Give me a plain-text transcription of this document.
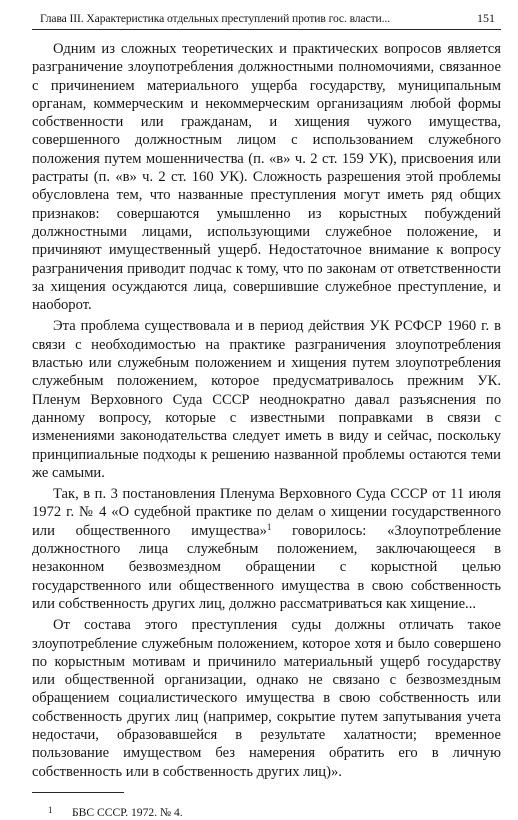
Глава III. Характеристика отдельных преступлений против гос. власти...	151

Одним из сложных теоретических и практических вопросов является разграничение злоупотребления должностными полномочиями, связанное с причинением материального ущерба государству, муниципальным органам, коммерческим и некоммерческим организациям любой формы собственности или гражданам, и хищения чужого имущества, совершенного должностным лицом с использованием служебного положения путем мошенничества (п. «в» ч. 2 ст. 159 УК), присвоения или растраты (п. «в» ч. 2 ст. 160 УК). Сложность разрешения этой проблемы обусловлена тем, что названные преступления могут иметь ряд общих признаков: совершаются умышленно из корыстных побуждений должностными лицами, использующими служебное положение, и причиняют имущественный ущерб. Недостаточное внимание к вопросу разграничения приводит подчас к тому, что по законам от ответственности за хищения осуждаются лица, совершившие служебное преступление, и наоборот.

Эта проблема существовала и в период действия УК РСФСР 1960 г. в связи с необходимостью на практике разграничения злоупотребления властью или служебным положением и хищения путем злоупотребления служебным положением, которое предусматривалось прежним УК. Пленум Верховного Суда СССР неоднократно давал разъяснения по данному вопросу, которые с известными поправками в связи с изменениями законодательства следует иметь в виду и сейчас, поскольку принципиальные подходы к решению названной проблемы остаются теми же самыми.

Так, в п. 3 постановления Пленума Верховного Суда СССР от 11 июля 1972 г. № 4 «О судебной практике по делам о хищении государственного или общественного имущества»$^1$ говорилось: «Злоупотребление должностного лица служебным положением, заключающееся в незаконном безвозмездном обращении с корыстной целью государственного или общественного имущества в свою собственность или собственность других лиц, должно рассматриваться как хищение...

От состава этого преступления суды должны отличать такое злоупотребление служебным положением, которое хотя и было совершено по корыстным мотивам и причинило материальный ущерб государству или общественной организации, однако не связано с безвозмездным обращением социалистического имущества в свою собственность или собственность других лиц (например, сокрытие путем запутывания учета недостачи, образовавшейся в результате халатности; временное пользование имуществом без намерения обратить его в личную собственность или в собственность других лиц)».

1 БВС СССР. 1972. № 4.
